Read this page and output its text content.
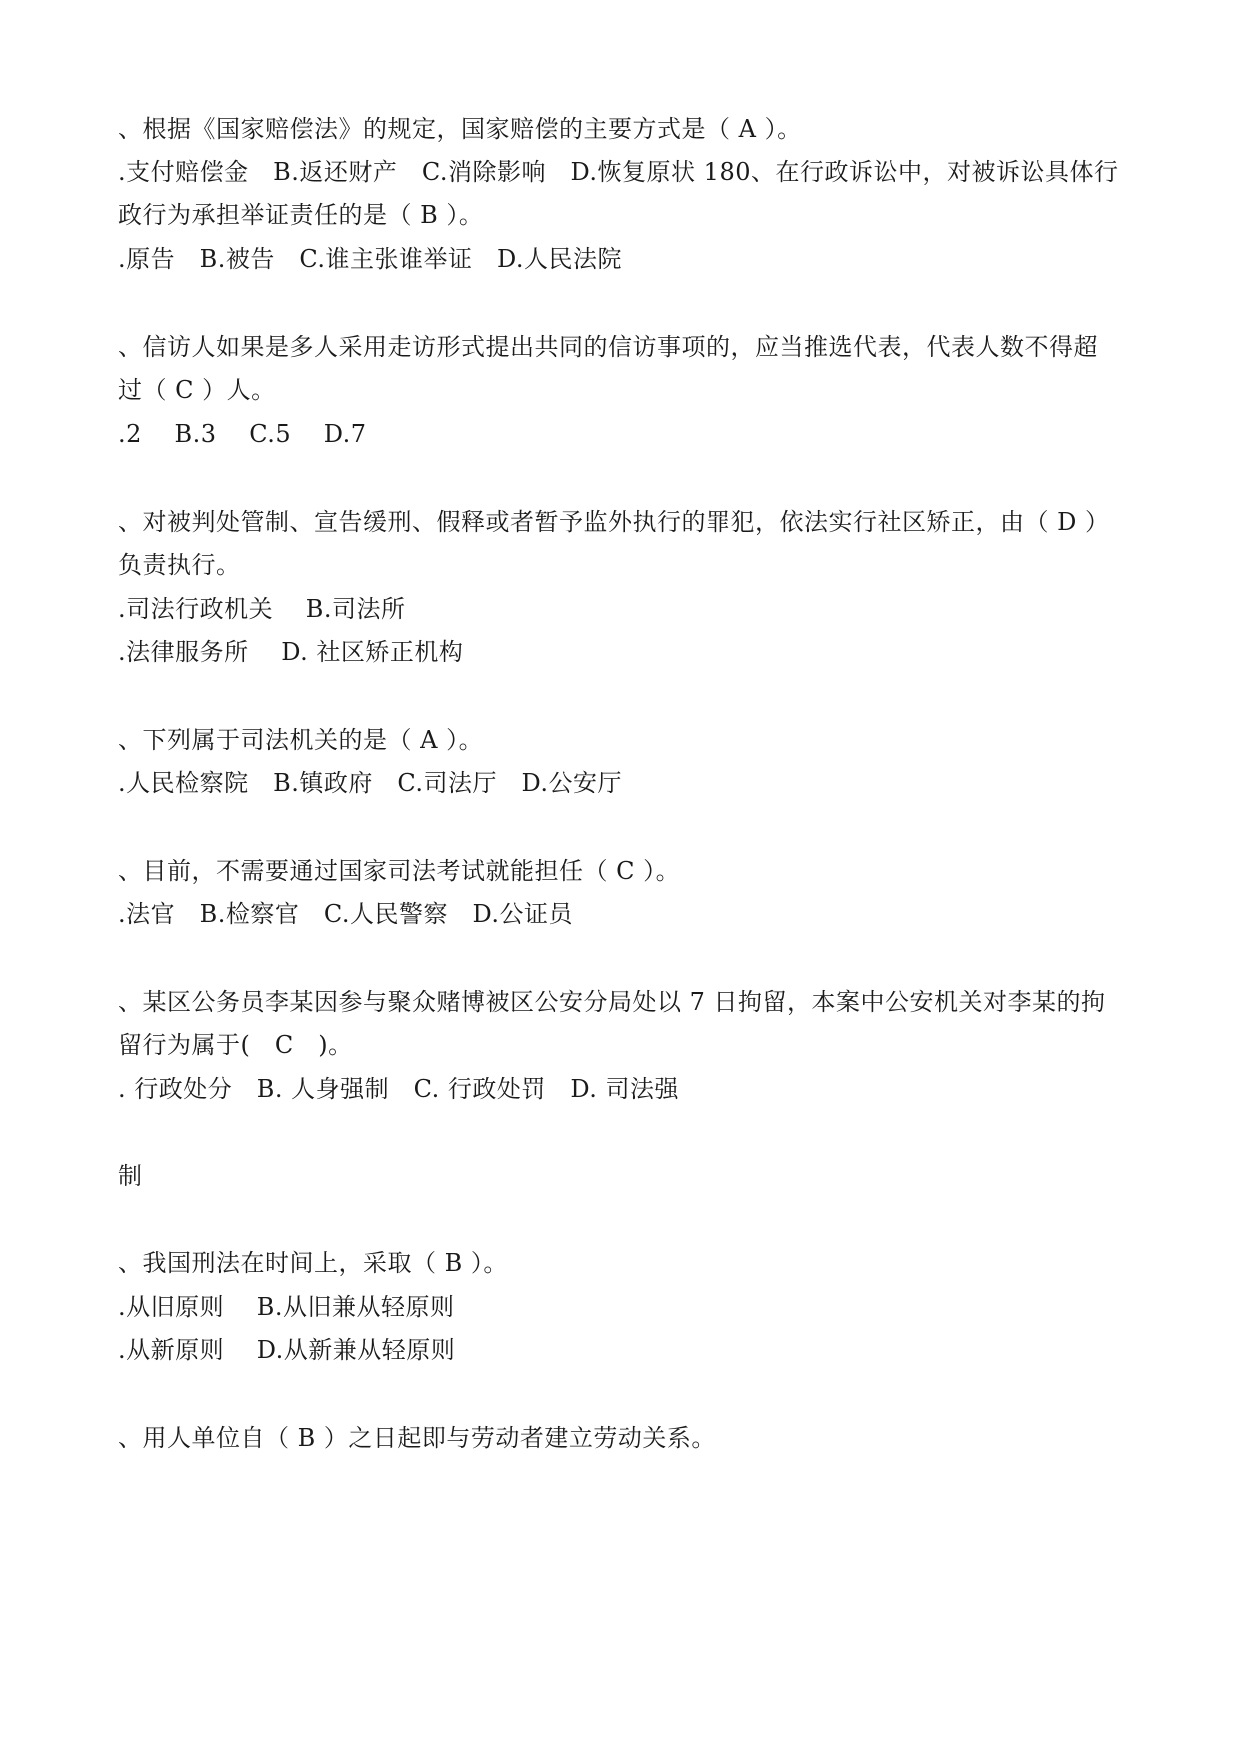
、根据《国家赔偿法》的规定，国家赔偿的主要方式是（ A ）。
.支付赔偿金　B.返还财产　C.消除影响　D.恢复原状 180、在行政诉讼中，对被诉讼具体行
政行为承担举证责任的是（ B ）。
.原告　B.被告　C.谁主张谁举证　D.人民法院
、信访人如果是多人采用走访形式提出共同的信访事项的，应当推选代表，代表人数不得超
过（ C ）人。
.2　 B.3　 C.5　 D.7
、对被判处管制、宣告缓刑、假释或者暂予监外执行的罪犯，依法实行社区矫正，由（ D ）
负责执行。
.司法行政机关　 B.司法所
.法律服务所　 D. 社区矫正机构
、下列属于司法机关的是（ A ）。
.人民检察院　B.镇政府　C.司法厅　D.公安厅
、目前，不需要通过国家司法考试就能担任（ C ）。
.法官　B.检察官　C.人民警察　D.公证员
、某区公务员李某因参与聚众赌博被区公安分局处以 7 日拘留，本案中公安机关对李某的拘
留行为属于(　C　)。
. 行政处分　B. 人身强制　C. 行政处罚　D. 司法强
制
、我国刑法在时间上，采取（ B ）。
.从旧原则　 B.从旧兼从轻原则
.从新原则　 D.从新兼从轻原则
、用人单位自（ B ）之日起即与劳动者建立劳动关系。
